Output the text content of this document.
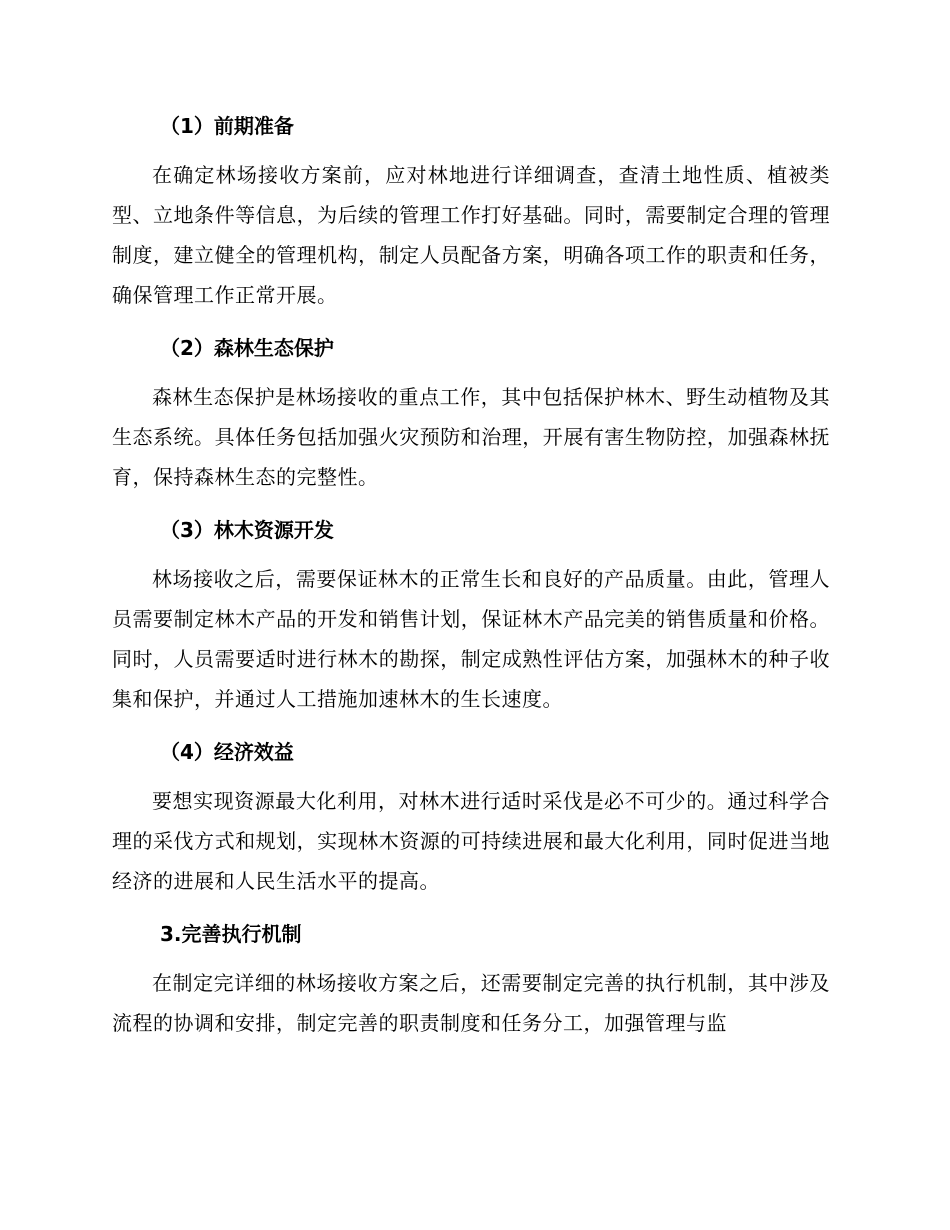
（1）前期准备

在确定林场接收方案前，应对林地进行详细调查，查清土地性质、植被类型、立地条件等信息，为后续的管理工作打好基础。同时，需要制定合理的管理制度，建立健全的管理机构，制定人员配备方案，明确各项工作的职责和任务，确保管理工作正常开展。

（2）森林生态保护

森林生态保护是林场接收的重点工作，其中包括保护林木、野生动植物及其生态系统。具体任务包括加强火灾预防和治理，开展有害生物防控，加强森林抚育，保持森林生态的完整性。

（3）林木资源开发

林场接收之后，需要保证林木的正常生长和良好的产品质量。由此，管理人员需要制定林木产品的开发和销售计划，保证林木产品完美的销售质量和价格。同时，人员需要适时进行林木的勘探，制定成熟性评估方案，加强林木的种子收集和保护，并通过人工措施加速林木的生长速度。

（4）经济效益

要想实现资源最大化利用，对林木进行适时采伐是必不可少的。通过科学合理的采伐方式和规划，实现林木资源的可持续进展和最大化利用，同时促进当地经济的进展和人民生活水平的提高。

3.完善执行机制

在制定完详细的林场接收方案之后，还需要制定完善的执行机制，其中涉及流程的协调和安排，制定完善的职责制度和任务分工，加强管理与监
